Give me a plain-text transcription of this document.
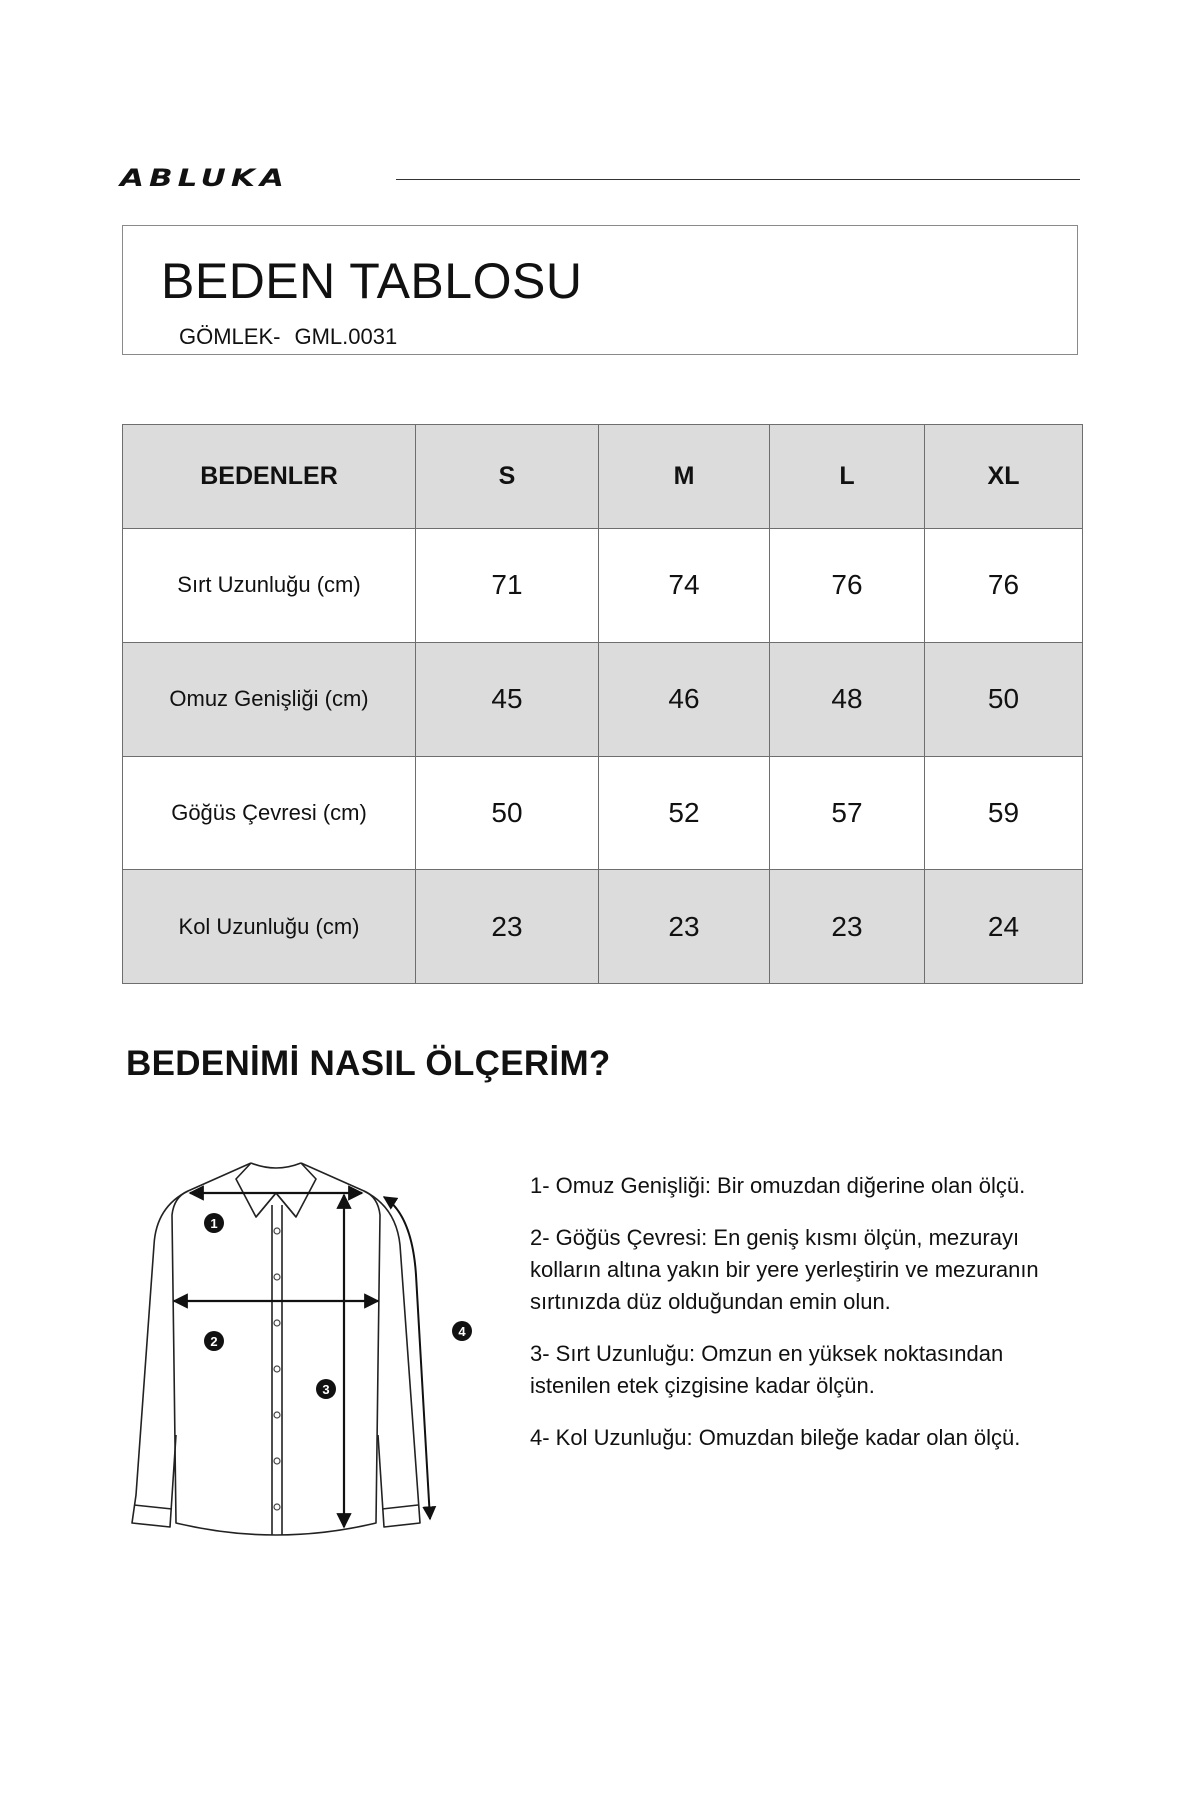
ABLUKA
BEDEN TABLOSU
GÖMLEK- GML.0031
BEDENLER	S	M	L	XL
Sırt Uzunluğu (cm)	71	74	76	76
Omuz Genişliği (cm)	45	46	48	50
Göğüs Çevresi (cm)	50	52	57	59
Kol Uzunluğu (cm)	23	23	23	24
BEDENİMİ NASIL ÖLÇERİM?
1
2
3
4

1- Omuz Genişliği: Bir omuzdan diğerine olan ölçü.

2- Göğüs Çevresi: En geniş kısmı ölçün, mezurayı kolların altına yakın bir yere yerleştirin ve mezuranın sırtınızda düz olduğundan emin olun.

3- Sırt Uzunluğu: Omzun en yüksek noktasından istenilen etek çizgisine kadar ölçün.

4- Kol Uzunluğu: Omuzdan bileğe kadar olan ölçü.
